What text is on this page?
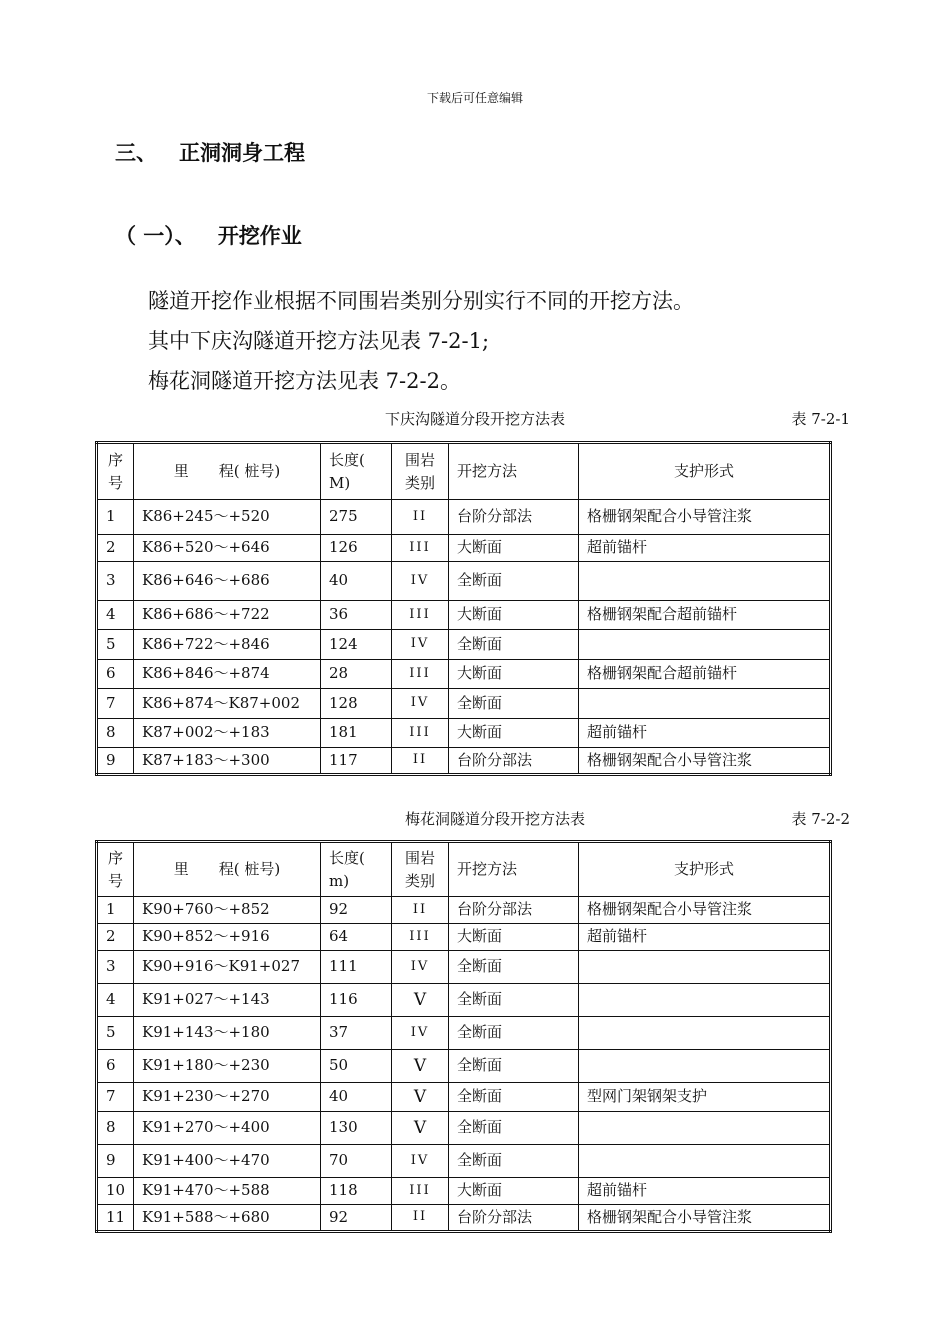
下载后可任意编辑
三、 正洞洞身工程
（ 一）、 开挖作业
隧道开挖作业根据不同围岩类别分别实行不同的开挖方法。
其中下庆沟隧道开挖方法见表 7-2-1;
梅花洞隧道开挖方法见表 7-2-2。
下庆沟隧道分段开挖方法表	表 7-2-1
序号	里　　程( 桩号)	长度( M)	围岩类别	开挖方法	支护形式
1	K86+245～+520	275	II	台阶分部法	格栅钢架配合小导管注浆
2	K86+520～+646	126	III	大断面	超前锚杆
3	K86+646～+686	40	IV	全断面	
4	K86+686～+722	36	III	大断面	格栅钢架配合超前锚杆
5	K86+722～+846	124	IV	全断面	
6	K86+846～+874	28	III	大断面	格栅钢架配合超前锚杆
7	K86+874～K87+002	128	IV	全断面	
8	K87+002～+183	181	III	大断面	超前锚杆
9	K87+183～+300	117	II	台阶分部法	格栅钢架配合小导管注浆
梅花洞隧道分段开挖方法表	表 7-2-2
序号	里　　程( 桩号)	长度( m)	围岩类别	开挖方法	支护形式
1	K90+760～+852	92	II	台阶分部法	格栅钢架配合小导管注浆
2	K90+852～+916	64	III	大断面	超前锚杆
3	K90+916～K91+027	111	IV	全断面	
4	K91+027～+143	116	V	全断面	
5	K91+143～+180	37	IV	全断面	
6	K91+180～+230	50	V	全断面	
7	K91+230～+270	40	V	全断面	型网门架钢架支护
8	K91+270～+400	130	V	全断面	
9	K91+400～+470	70	IV	全断面	
10	K91+470～+588	118	III	大断面	超前锚杆
11	K91+588～+680	92	II	台阶分部法	格栅钢架配合小导管注浆
